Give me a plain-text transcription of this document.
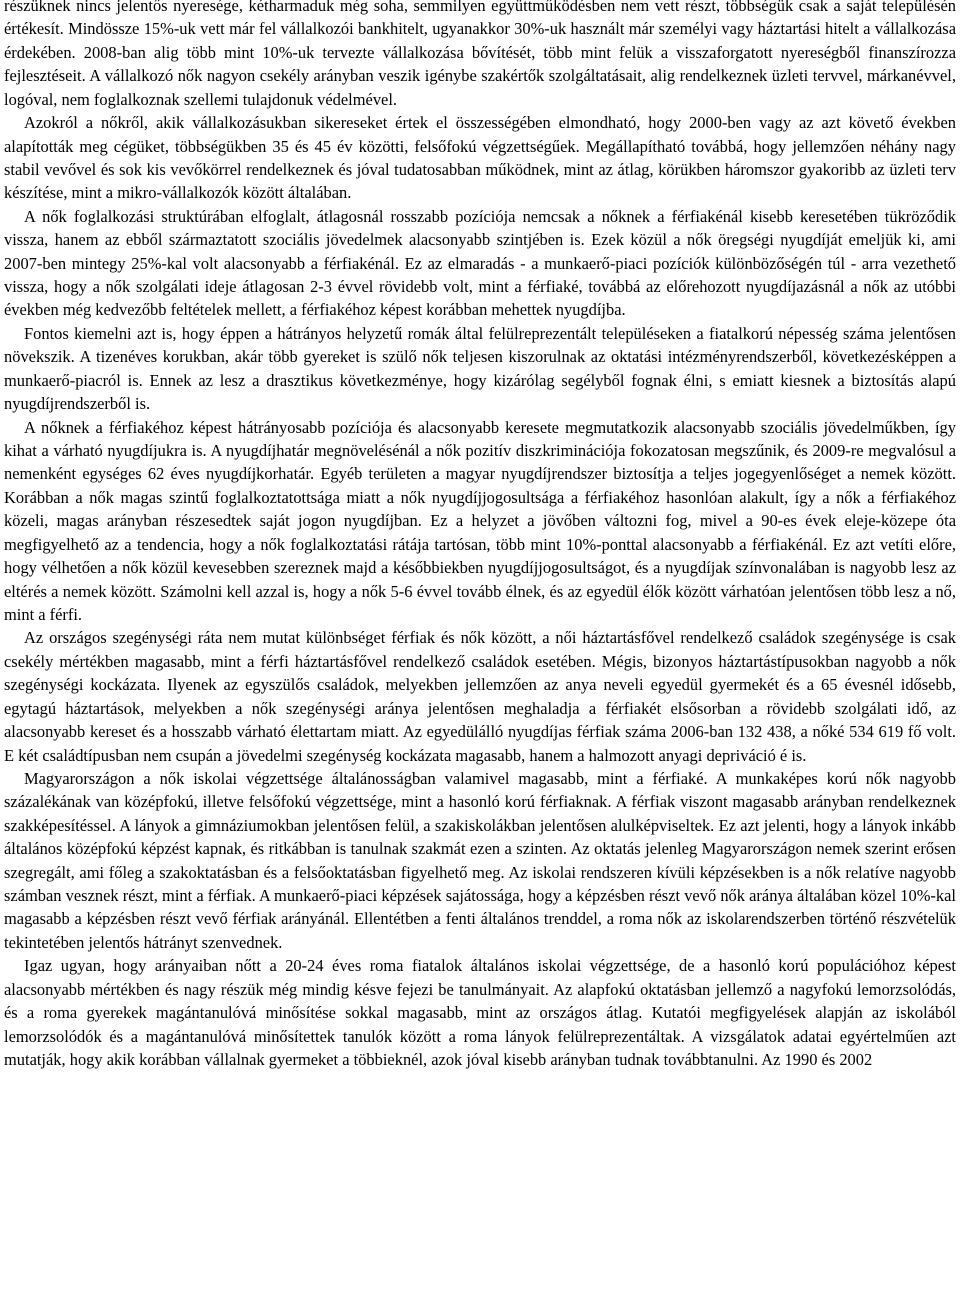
részüknek nincs jelentős nyeresége, kétharmaduk még soha, semmilyen együttműködésben nem vett részt, többségük csak a saját településén értékesít. Mindössze 15%-uk vett már fel vállalkozói bankhitelt, ugyanakkor 30%-uk használt már személyi vagy háztartási hitelt a vállalkozása érdekében. 2008-ban alig több mint 10%-uk tervezte vállalkozása bővítését, több mint felük a visszaforgatott nyereségből finanszírozza fejlesztéseit. A vállalkozó nők nagyon csekély arányban veszik igénybe szakértők szolgáltatásait, alig rendelkeznek üzleti tervvel, márkanévvel, logóval, nem foglalkoznak szellemi tulajdonuk védelmével.

Azokról a nőkről, akik vállalkozásukban sikereseket értek el összességében elmondható, hogy 2000-ben vagy az azt követő években alapították meg cégüket, többségükben 35 és 45 év közötti, felsőfokú végzettségűek. Megállapítható továbbá, hogy jellemzően néhány nagy stabil vevővel és sok kis vevőkörrel rendelkeznek és jóval tudatosabban működnek, mint az átlag, körükben háromszor gyakoribb az üzleti terv készítése, mint a mikro-vállalkozók között általában.

A nők foglalkozási struktúrában elfoglalt, átlagosnál rosszabb pozíciója nemcsak a nőknek a férfiakénál kisebb keresetében tükröződik vissza, hanem az ebből származtatott szociális jövedelmek alacsonyabb szintjében is. Ezek közül a nők öregségi nyugdíját emeljük ki, ami 2007-ben mintegy 25%-kal volt alacsonyabb a férfiakénál. Ez az elmaradás - a munkaerő-piaci pozíciók különbözőségén túl - arra vezethető vissza, hogy a nők szolgálati ideje átlagosan 2-3 évvel rövidebb volt, mint a férfiaké, továbbá az előrehozott nyugdíjazásnál a nők az utóbbi években még kedvezőbb feltételek mellett, a férfiakéhoz képest korábban mehettek nyugdíjba.

Fontos kiemelni azt is, hogy éppen a hátrányos helyzetű romák által felülreprezentált településeken a fiatalkorú népesség száma jelentősen növekszik. A tizenéves korukban, akár több gyereket is szülő nők teljesen kiszorulnak az oktatási intézményrendszerből, következésképpen a munkaerő-piacról is. Ennek az lesz a drasztikus következménye, hogy kizárólag segélyből fognak élni, s emiatt kiesnek a biztosítás alapú nyugdíjrendszerből is.

A nőknek a férfiakéhoz képest hátrányosabb pozíciója és alacsonyabb keresete megmutatkozik alacsonyabb szociális jövedelműkben, így kihat a várható nyugdíjukra is. A nyugdíjhatár megnövelésénál a nők pozitív diszkriminációja fokozatosan megszűnik, és 2009-re megvalósul a nemenként egységes 62 éves nyugdíjkorhatár. Egyéb területen a magyar nyugdíjrendszer biztosítja a teljes jogegyenlőséget a nemek között. Korábban a nők magas szintű foglalkoztatottsága miatt a nők nyugdíjjogosultsága a férfiakéhoz hasonlóan alakult, így a nők a férfiakéhoz közeli, magas arányban részesedtek saját jogon nyugdíjban. Ez a helyzet a jövőben változni fog, mivel a 90-es évek eleje-közepe óta megfigyelhető az a tendencia, hogy a nők foglalkoztatási rátája tartósan, több mint 10%-ponttal alacsonyabb a férfiakénál. Ez azt vetíti előre, hogy vélhetően a nők közül kevesebben szereznek majd a későbbiekben nyugdíjjogosultságot, és a nyugdíjak színvonalában is nagyobb lesz az eltérés a nemek között. Számolni kell azzal is, hogy a nők 5-6 évvel tovább élnek, és az egyedül élők között várhatóan jelentősen több lesz a nő, mint a férfi.

Az országos szegénységi ráta nem mutat különbséget férfiak és nők között, a női háztartásfővel rendelkező családok szegénysége is csak csekély mértékben magasabb, mint a férfi háztartásfővel rendelkező családok esetében. Mégis, bizonyos háztartástípusokban nagyobb a nők szegénységi kockázata. Ilyenek az egyszülős családok, melyekben jellemzően az anya neveli egyedül gyermekét és a 65 évesnél idősebb, egytagú háztartások, melyekben a nők szegénységi aránya jelentősen meghaladja a férfiakét elsősorban a rövidebb szolgálati idő, az alacsonyabb kereset és a hosszabb várható élettartam miatt. Az egyedülálló nyugdíjas férfiak száma 2006-ban 132 438, a nőké 534 619 fő volt. E két családtípusban nem csupán a jövedelmi szegénység kockázata magasabb, hanem a halmozott anyagi depriváció é is.

Magyarországon a nők iskolai végzettsége általánosságban valamivel magasabb, mint a férfiaké. A munkaképes korú nők nagyobb százalékának van középfokú, illetve felsőfokú végzettsége, mint a hasonló korú férfiaknak. A férfiak viszont magasabb arányban rendelkeznek szakképesítéssel. A lányok a gimnáziumokban jelentősen felül, a szakiskolákban jelentősen alulképviseltek. Ez azt jelenti, hogy a lányok inkább általános középfokú képzést kapnak, és ritkábban is tanulnak szakmát ezen a szinten. Az oktatás jelenleg Magyarországon nemek szerint erősen szegregált, ami főleg a szakoktatásban és a felsőoktatásban figyelhető meg. Az iskolai rendszeren kívüli képzésekben is a nők relatíve nagyobb számban vesznek részt, mint a férfiak. A munkaerő-piaci képzések sajátossága, hogy a képzésben részt vevő nők aránya általában közel 10%-kal magasabb a képzésben részt vevő férfiak arányánál. Ellentétben a fenti általános trenddel, a roma nők az iskolarendszerben történő részvételük tekintetében jelentős hátrányt szenvednek.

Igaz ugyan, hogy arányaiban nőtt a 20-24 éves roma fiatalok általános iskolai végzettsége, de a hasonló korú populációhoz képest alacsonyabb mértékben és nagy részük még mindig késve fejezi be tanulmányait. Az alapfokú oktatásban jellemző a nagyfokú lemorzsolódás, és a roma gyerekek magántanulóvá minősítése sokkal magasabb, mint az országos átlag. Kutatói megfigyelések alapján az iskolából lemorzsolódók és a magántanulóvá minősítettek tanulók között a roma lányok felülreprezentáltak. A vizsgálatok adatai egyértelműen azt mutatják, hogy akik korábban vállalnak gyermeket a többieknél, azok jóval kisebb arányban tudnak továbbtanulni. Az 1990 és 2002
